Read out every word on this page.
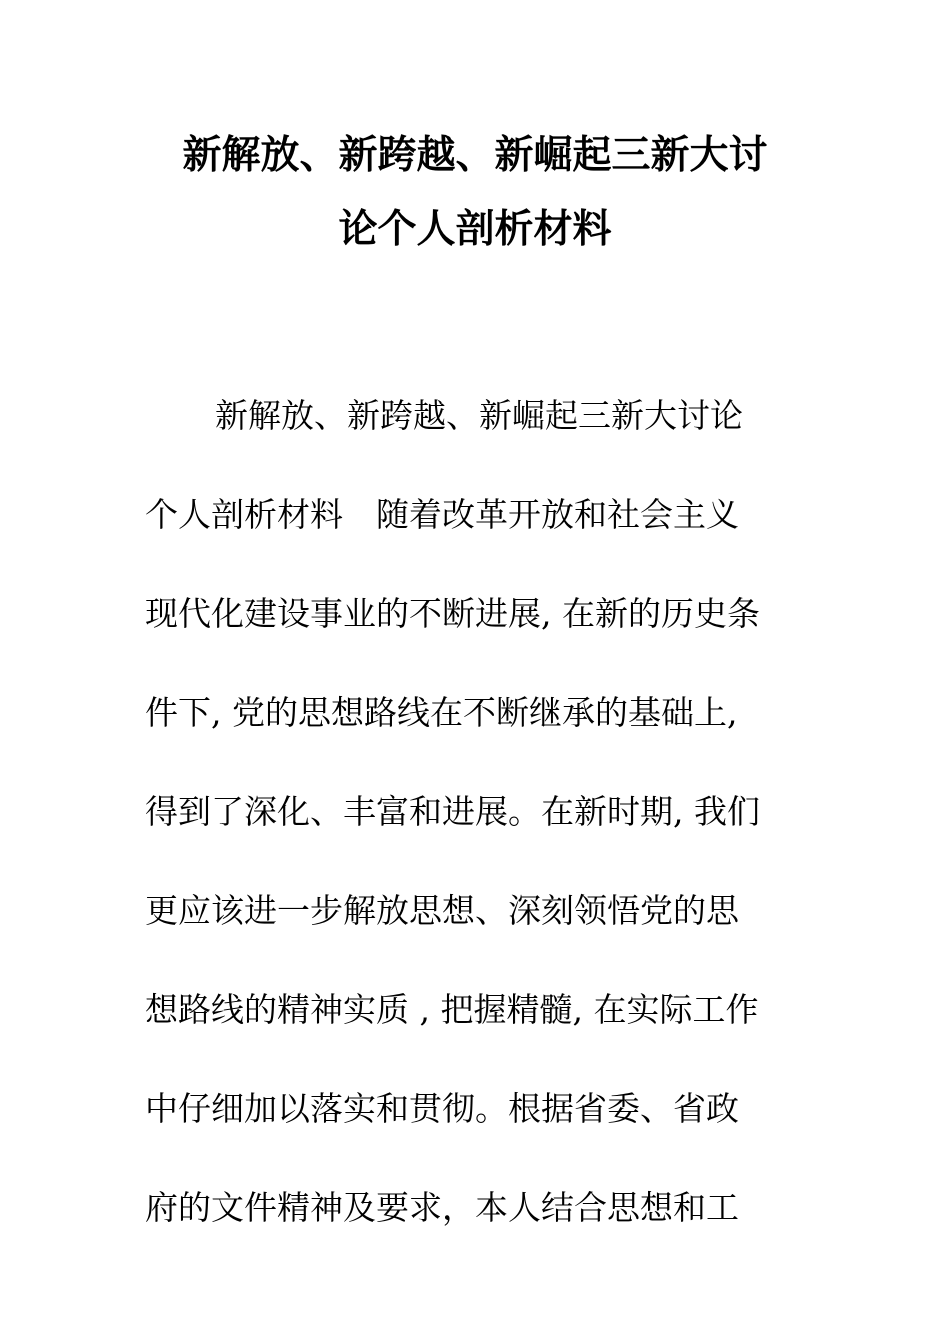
新解放、新跨越、新崛起三新大讨
论个人剖析材料
新解放、新跨越、新崛起三新大讨论
个人剖析材料　随着改革开放和社会主义
现代化建设事业的不断进展, 在新的历史条
件下, 党的思想路线在不断继承的基础上,
得到了深化、丰富和进展。在新时期, 我们
更应该进一步解放思想、深刻领悟党的思
想路线的精神实质 , 把握精髓, 在实际工作
中仔细加以落实和贯彻。根据省委、省政
府的文件精神及要求，本人结合思想和工
